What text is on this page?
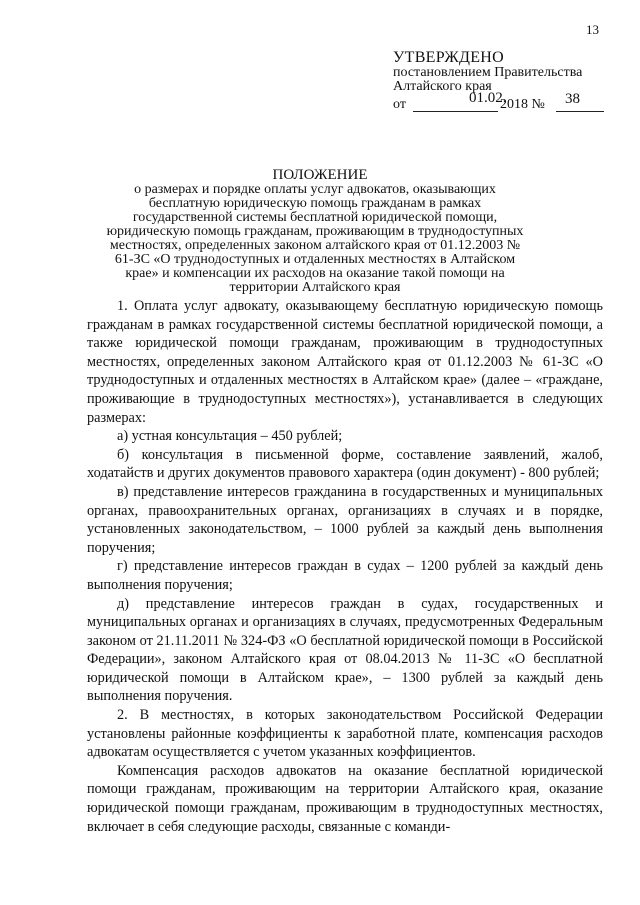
13
УТВЕРЖДЕНО
постановлением Правительства
Алтайского края
от	01.02.
2018 № 38
ПОЛОЖЕНИЕ
о размерах и порядке оплаты услуг адвокатов, оказывающих бесплатную юридическую помощь гражданам в рамках государственной системы бесплатной юридической помощи, юридическую помощь гражданам, проживающим в труднодоступных местностях, определенных законом алтайского края от 01.12.2003 № 61-ЗС «О труднодоступных и отдаленных местностях в Алтайском крае» и компенсации их расходов на оказание такой помощи на территории Алтайского края

1. Оплата услуг адвокату, оказывающему бесплатную юридическую помощь гражданам в рамках государственной системы бесплатной юридической помощи, а также юридической помощи гражданам, проживающим в труднодоступных местностях, определенных законом Алтайского края от 01.12.2003 № 61-ЗС «О труднодоступных и отдаленных местностях в Алтайском крае» (далее – «граждане, проживающие в труднодоступных местностях»), устанавливается в следующих размерах:

а) устная консультация – 450 рублей;

б) консультация в письменной форме, составление заявлений, жалоб, ходатайств и других документов правового характера (один документ) - 800 рублей;

в) представление интересов гражданина в государственных и муниципальных органах, правоохранительных органах, организациях в случаях и в порядке, установленных законодательством, – 1000 рублей за каждый день выполнения поручения;

г) представление интересов граждан в судах – 1200 рублей за каждый день выполнения поручения;

д) представление интересов граждан в судах, государственных и муниципальных органах и организациях в случаях, предусмотренных Федеральным законом от 21.11.2011 № 324-ФЗ «О бесплатной юридической помощи в Российской Федерации», законом Алтайского края от 08.04.2013 № 11-ЗС «О бесплатной юридической помощи в Алтайском крае», – 1300 рублей за каждый день выполнения поручения.

2. В местностях, в которых законодательством Российской Федерации установлены районные коэффициенты к заработной плате, компенсация расходов адвокатам осуществляется с учетом указанных коэффициентов.

Компенсация расходов адвокатов на оказание бесплатной юридической помощи гражданам, проживающим на территории Алтайского края, оказание юридической помощи гражданам, проживающим в труднодоступных местностях, включает в себя следующие расходы, связанные с команди-
